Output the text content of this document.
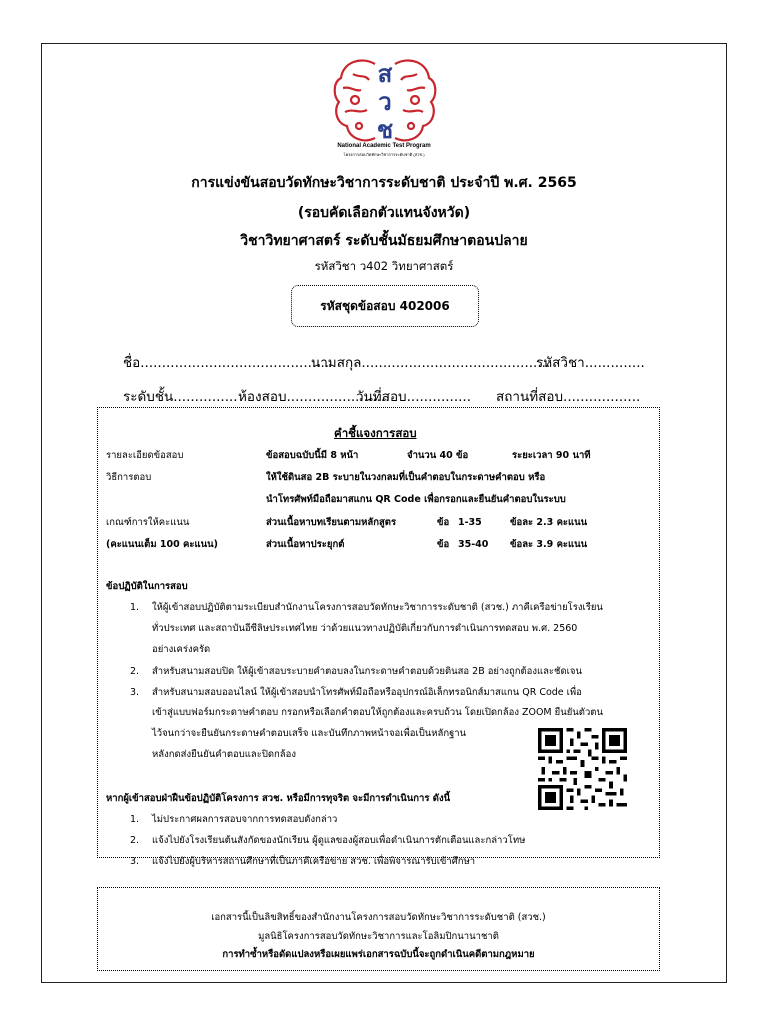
ส
ว
ช
National Academic Test Program
โครงการสอบวัดทักษะวิชาการระดับชาติ (สวช.)
การแข่งขันสอบวัดทักษะวิชาการระดับชาติ ประจำปี พ.ศ. 2565
(รอบคัดเลือกตัวแทนจังหวัด)
วิชาวิทยาศาสตร์ ระดับชั้นมัธยมศึกษาตอนปลาย
รหัสวิชา ว402 วิทยาศาสตร์
รหัสชุดข้อสอบ 402006
ชื่อ............................................
นามสกุล............................................
รหัสวิชา..............
ระดับชั้น............... ห้องสอบ........................
วันที่สอบ............... สถานที่สอบ..................
คำชี้แจงการสอบ
รายละเอียดข้อสอบ	ข้อสอบฉบับนี้มี 8 หน้า	จำนวน 40 ข้อ	ระยะเวลา 90 นาที
วิธีการตอบ	ให้ใช้ดินสอ 2B ระบายในวงกลมที่เป็นคำตอบในกระดาษคำตอบ หรือ
นำโทรศัพท์มือถือมาสแกน QR Code เพื่อกรอกและยืนยันคำตอบในระบบ
เกณฑ์การให้คะแนน	ส่วนเนื้อหาบทเรียนตามหลักสูตร	ข้อ 1-35	ข้อละ 2.3 คะแนน
(คะแนนเต็ม 100 คะแนน)	ส่วนเนื้อหาประยุกต์	ข้อ 35-40 ข้อละ 3.9 คะแนน
ข้อปฏิบัติในการสอบ
1. ให้ผู้เข้าสอบปฏิบัติตามระเบียบสำนักงานโครงการสอบวัดทักษะวิชาการระดับชาติ (สวช.) ภาคีเครือข่ายโรงเรียน
ทั่วประเทศ และสถาบันอีซีลิษประเทศไทย ว่าด้วยแนวทางปฏิบัติเกี่ยวกับการดำเนินการทดสอบ พ.ศ. 2560
อย่างเคร่งครัด
2. สำหรับสนามสอบปิด ให้ผู้เข้าสอบระบายคำตอบลงในกระดาษคำตอบด้วยดินสอ 2B อย่างถูกต้องและชัดเจน
3. สำหรับสนามสอบออนไลน์ ให้ผู้เข้าสอบนำโทรศัพท์มือถือหรืออุปกรณ์อิเล็กทรอนิกส์มาสแกน QR Code เพื่อ
เข้าสู่แบบฟอร์มกระดาษคำตอบ กรอกหรือเลือกคำตอบให้ถูกต้องและครบถ้วน โดยเปิดกล้อง ZOOM ยืนยันตัวตน
ไว้จนกว่าจะยืนยันกระดาษคำตอบเสร็จ และบันทึกภาพหน้าจอเพื่อเป็นหลักฐาน
หลังกดส่งยืนยันคำตอบและปิดกล้อง
หากผู้เข้าสอบฝ่าฝืนข้อปฏิบัติโครงการ สวช. หรือมีการทุจริต จะมีการดำเนินการ ดังนี้
1. ไม่ประกาศผลการสอบจากการทดสอบดังกล่าว
2. แจ้งไปยังโรงเรียนต้นสังกัดของนักเรียน ผู้ดูแลของผู้สอบเพื่อดำเนินการตักเตือนและกล่าวโทษ
3. แจ้งไปยังผู้บริหารสถานศึกษาที่เป็นภาคีเครือข่าย สวช. เพื่อพิจารณารับเข้าศึกษา
เอกสารนี้เป็นลิขสิทธิ์ของสำนักงานโครงการสอบวัดทักษะวิชาการระดับชาติ (สวช.)
มูลนิธิโครงการสอบวัดทักษะวิชาการและโอลิมปิกนานาชาติ
การทำซ้ำหรือดัดแปลงหรือเผยแพร่เอกสารฉบับนี้จะถูกดำเนินคดีตามกฎหมาย
